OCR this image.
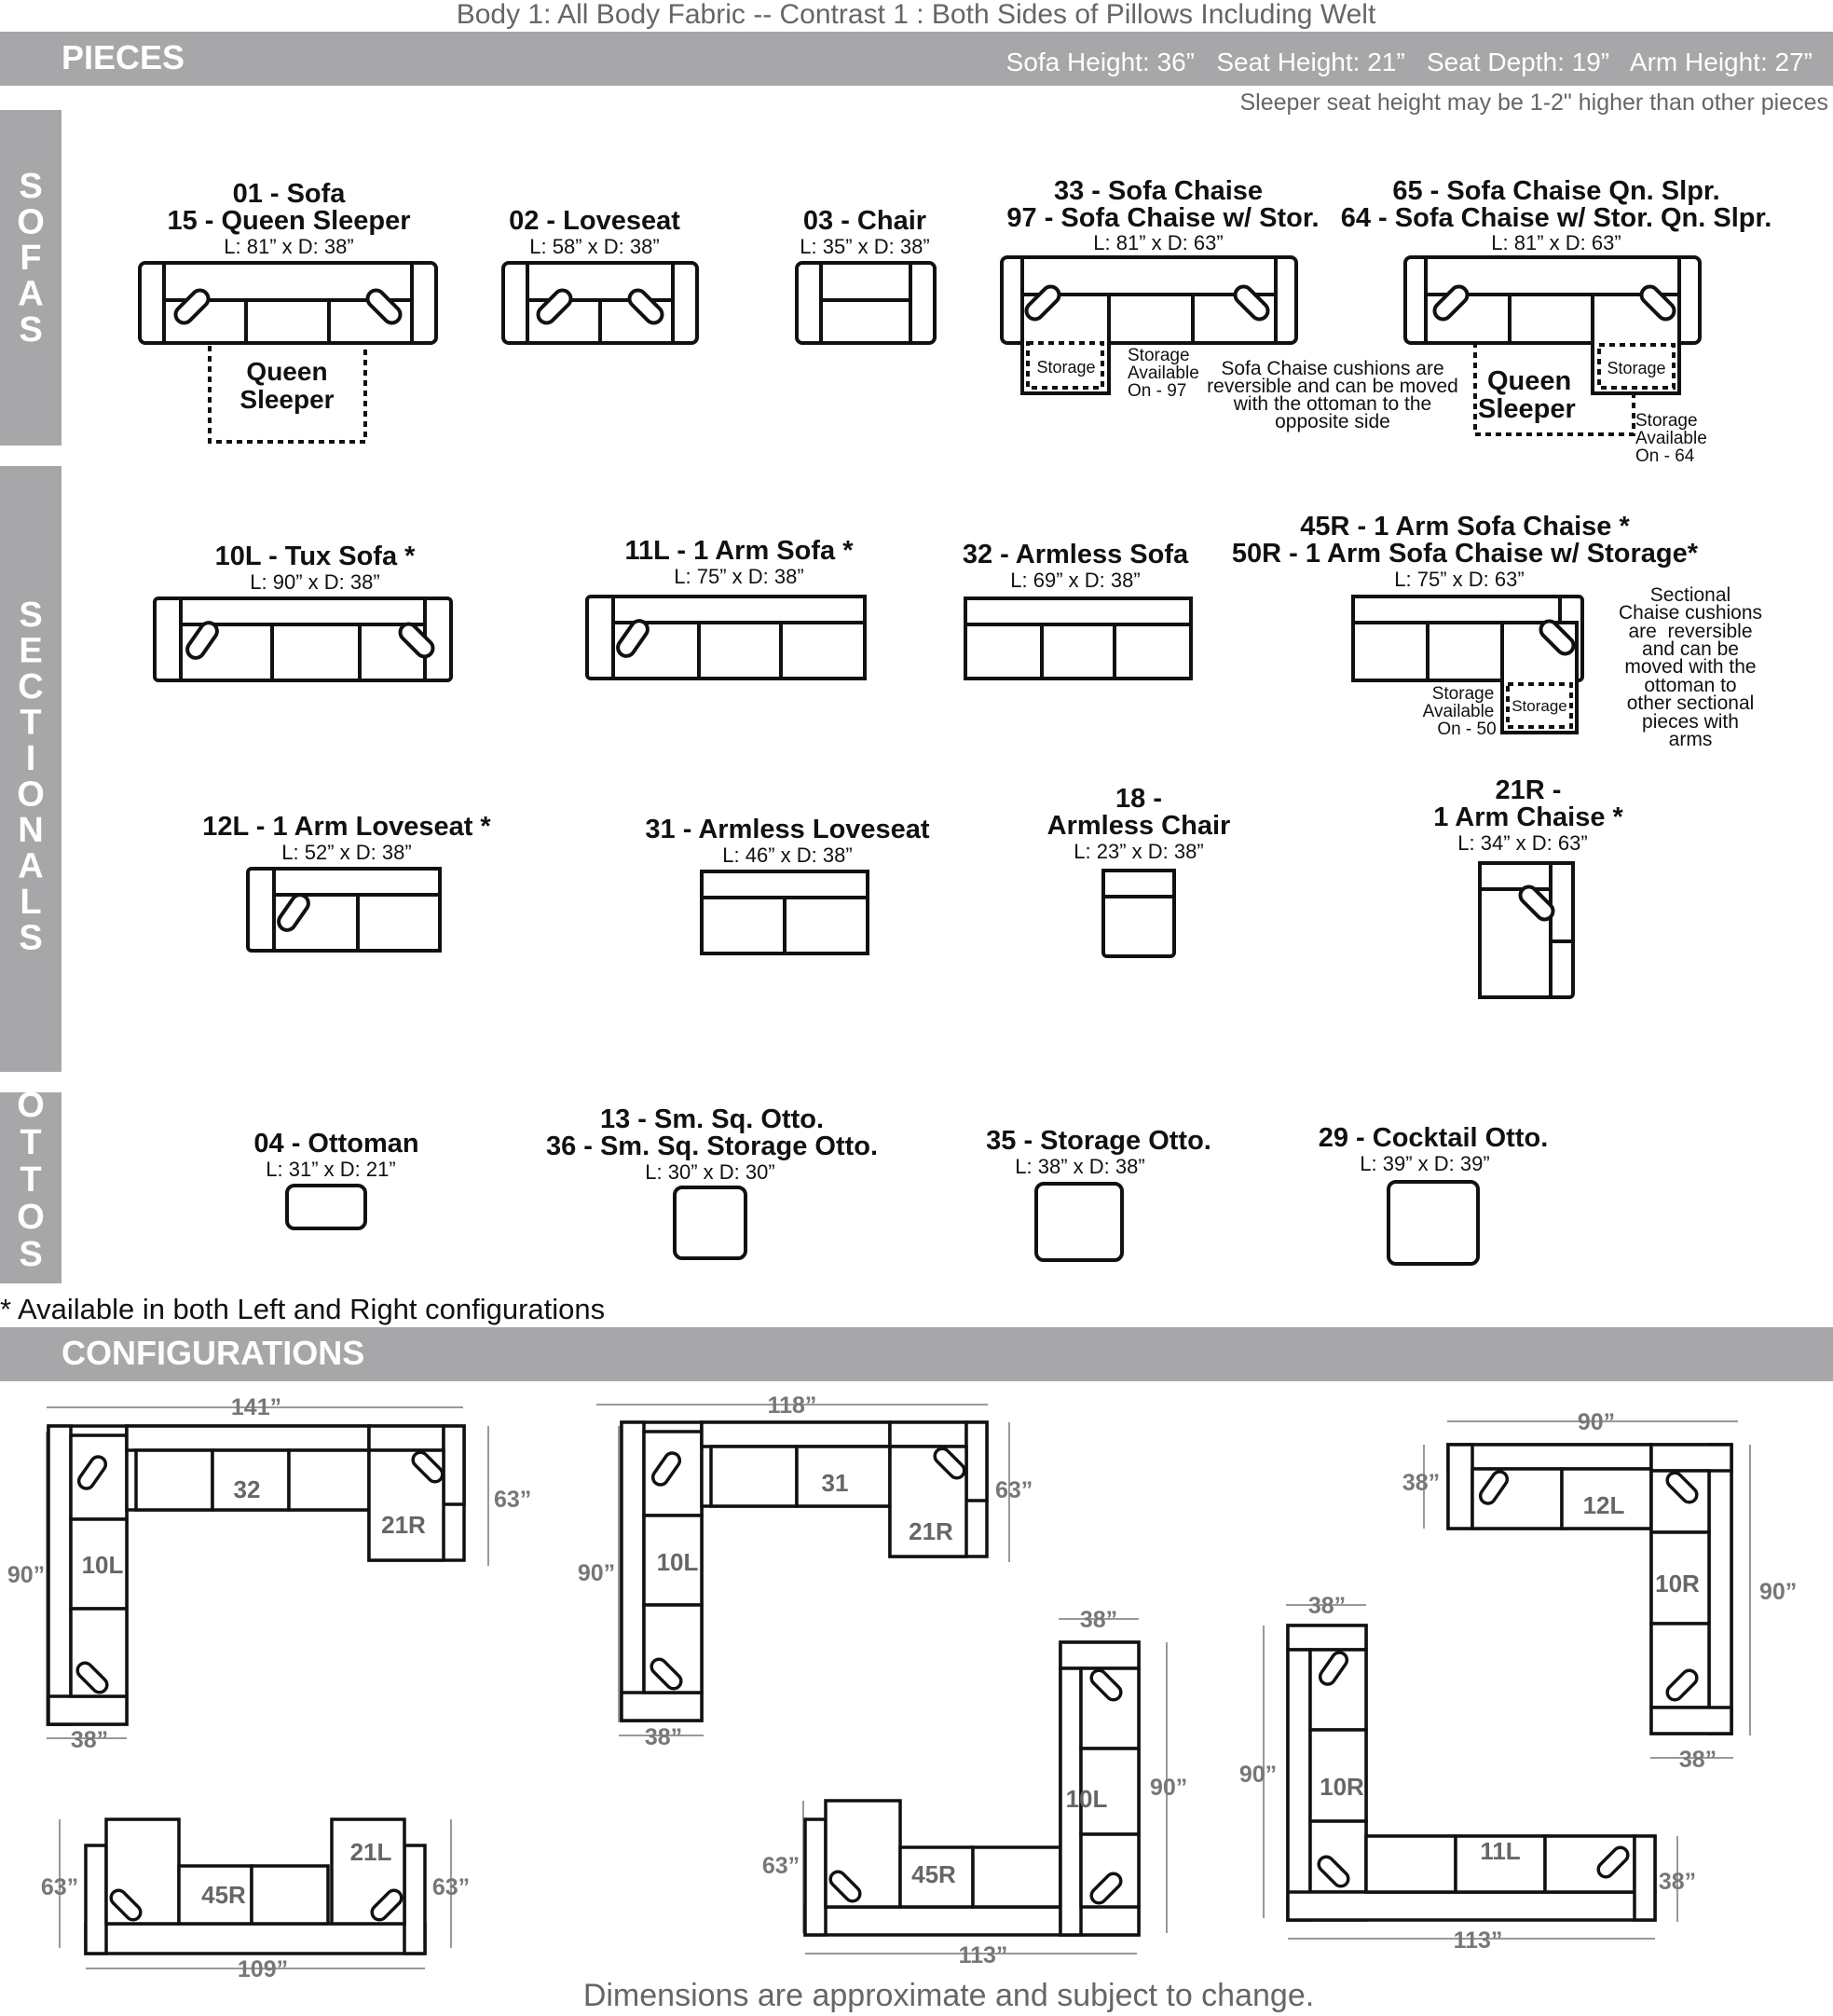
Body 1: All Body Fabric -- Contrast 1 : Both Sides of Pillows Including Welt
PIECES	Sofa Height: 36”   Seat Height: 21”   Seat Depth: 19”   Arm Height: 27”
Sleeper seat height may be 1-2" higher than other pieces
S O F A S
S E C T I O N A L S
O T T O S
01 - Sofa
15 - Queen Sleeper
L: 81” x D: 38”
Queen
Sleeper
02 - Loveseat
L: 58” x D: 38”
03 - Chair
L: 35” x D: 38”
33 - Sofa Chaise
97 - Sofa Chaise w/ Stor.
L: 81” x D: 63”
Storage
Storage
Available
On - 97
Sofa Chaise cushions are
reversible and can be moved
with the ottoman to the
opposite side
65 - Sofa Chaise Qn. Slpr.
64 - Sofa Chaise w/ Stor. Qn. Slpr.
L: 81” x D: 63”
Storage
Queen
Sleeper	Storage
Available
On - 64
10L - Tux Sofa *
L: 90” x D: 38”
11L - 1 Arm Sofa *
L: 75” x D: 38”
32 - Armless Sofa
L: 69” x D: 38”
45R - 1 Arm Sofa Chaise *
50R - 1 Arm Sofa Chaise w/ Storage*
L: 75” x D: 63”
Storage
Storage
Available
On - 50
Sectional
Chaise cushions
are  reversible
and can be
moved with the
ottoman to
other sectional
pieces with
arms
12L - 1 Arm Loveseat *
L: 52” x D: 38”
31 - Armless Loveseat
L: 46” x D: 38”
18 -
Armless Chair
L: 23” x D: 38”
21R -
1 Arm Chaise *
L: 34” x D: 63”
04 - Ottoman
L: 31” x D: 21”
13 - Sm. Sq. Otto.
36 - Sm. Sq. Storage Otto.
L: 30” x D: 30”
35 - Storage Otto.
L: 38” x D: 38”
29 - Cocktail Otto.
L: 39” x D: 39”
* Available in both Left and Right configurations
CONFIGURATIONS
141”
90”
63”
38”
32
21R
10L
118”
90”
63”
38”
31
21R
10L
90”
38”
90”
38”
12L
10R
63”	63”
109”
45R
21L
38”
63”
90”
113”
45R
10L
38”
90”
38”
113”
10R
11L
Dimensions are approximate and subject to change.
